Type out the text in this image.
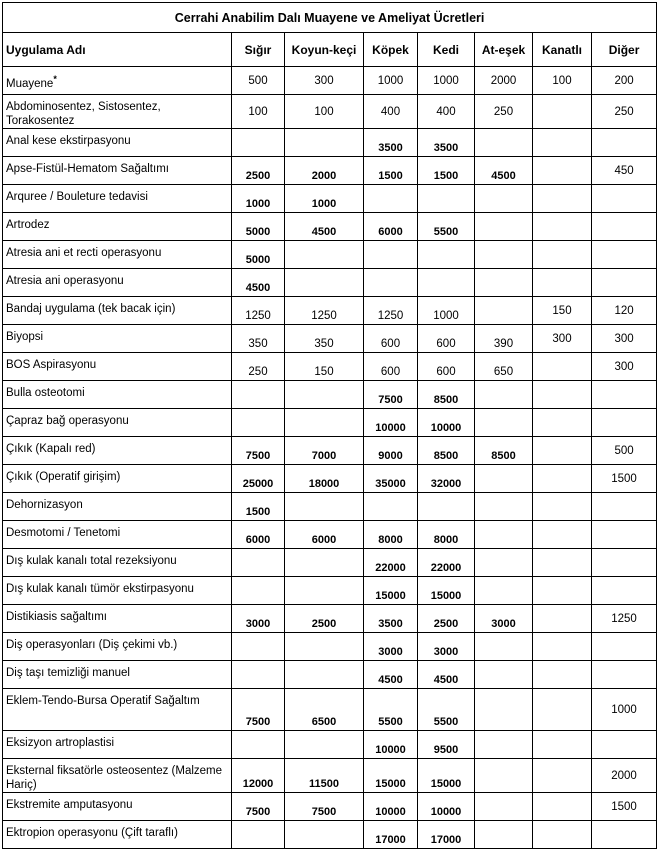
Cerrahi Anabilim Dalı Muayene ve Ameliyat Ücretleri							
Uygulama Adı	Sığır	Koyun-keçi	Köpek	Kedi	At-eşek	Kanatlı	Diğer
Muayene*	500	300	1000	1000	2000	100	200
Abdominosentez, Sistosentez, Torakosentez	100	100	400	400	250		250
Anal kese ekstirpasyonu			3500	3500			
Apse-Fistül-Hematom Sağaltımı	2500	2000	1500	1500	4500		450
Arquree / Bouleture tedavisi	1000	1000					
Artrodez	5000	4500	6000	5500			
Atresia ani et recti operasyonu	5000						
Atresia ani operasyonu	4500						
Bandaj uygulama (tek bacak için)	1250	1250	1250	1000		150	120
Biyopsi	350	350	600	600	390	300	300
BOS Aspirasyonu	250	150	600	600	650		300
Bulla osteotomi			7500	8500			
Çapraz bağ operasyonu			10000	10000			
Çıkık (Kapalı red)	7500	7000	9000	8500	8500		500
Çıkık (Operatif girişim)	25000	18000	35000	32000			1500
Dehornizasyon	1500						
Desmotomi / Tenetomi	6000	6000	8000	8000			
Dış kulak kanalı total rezeksiyonu			22000	22000			
Dış kulak kanalı tümör ekstirpasyonu			15000	15000			
Distikiasis sağaltımı	3000	2500	3500	2500	3000		1250
Diş operasyonları (Diş çekimi vb.)			3000	3000			
Diş taşı temizliği manuel			4500	4500			
Eklem-Tendo-Bursa Operatif Sağaltım	7500	6500	5500	5500			1000
Eksizyon artroplastisi			10000	9500			
Eksternal fiksatörle osteosentez (Malzeme Hariç)	12000	11500	15000	15000			2000
Ekstremite amputasyonu	7500	7500	10000	10000			1500
Ektropion operasyonu (Çift taraflı)			17000	17000			
